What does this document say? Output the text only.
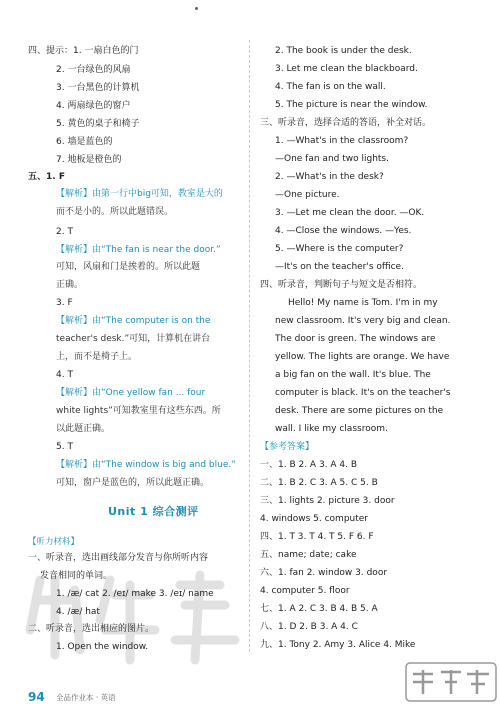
四、提示：1. 一扇白色的门
2. 一台绿色的风扇
3. 一台黑色的计算机
4. 两扇绿色的窗户
5. 黄色的桌子和椅子
6. 墙是蓝色的
7. 地板是橙色的
五、1. F
【解析】由第一行中big可知，教室是大的
而不是小的。所以此题错误。
2. T
【解析】由“The fan is near the door.”
可知，风扇和门是挨着的。所以此题
正确。
3. F
【解析】由“The computer is on the
teacher's desk.”可知，计算机在讲台
上，而不是椅子上。
4. T
【解析】由“One yellow fan ... four
white lights”可知教室里有这些东西。所
以此题正确。
5. T
【解析】由“The window is big and blue.”
可知，窗户是蓝色的，所以此题正确。
Unit 1 综合测评
【听力材料】
一、听录音，选出画线部分发音与你所听内容
发音相同的单词。
1. /æ/ cat 2. /eɪ/ make 3. /eɪ/ name
4. /æ/ hat
二、听录音，选出相应的图片。
1. Open the window.
94 全品作业本 · 英语
2. The book is under the desk.
3. Let me clean the blackboard.
4. The fan is on the wall.
5. The picture is near the window.
三、听录音，选择合适的答语，补全对话。
1. —What's in the classroom?
—One fan and two lights.
2. —What's in the desk?
—One picture.
3. —Let me clean the door. —OK.
4. —Close the windows. —Yes.
5. —Where is the computer?
—It's on the teacher's office.
四、听录音，判断句子与短文是否相符。
Hello! My name is Tom. I'm in my
new classroom. It's very big and clean.
The door is green. The windows are
yellow. The lights are orange. We have
a big fan on the wall. It's blue. The
computer is black. It's on the teacher's
desk. There are some pictures on the
wall. I like my classroom.
【参考答案】
一、1. B 2. A 3. A 4. B
二、1. B 2. C 3. A 5. C 5. B
三、1. lights 2. picture 3. door
4. windows 5. computer
四、1. T 3. T 4. T 5. F 6. F
五、name; date; cake
六、1. fan 2. window 3. door
4. computer 5. floor
七、1. A 2. C 3. B 4. B 5. A
八、1. D 2. B 3. A 4. C
九、1. Tony 2. Amy 3. Alice 4. Mike
